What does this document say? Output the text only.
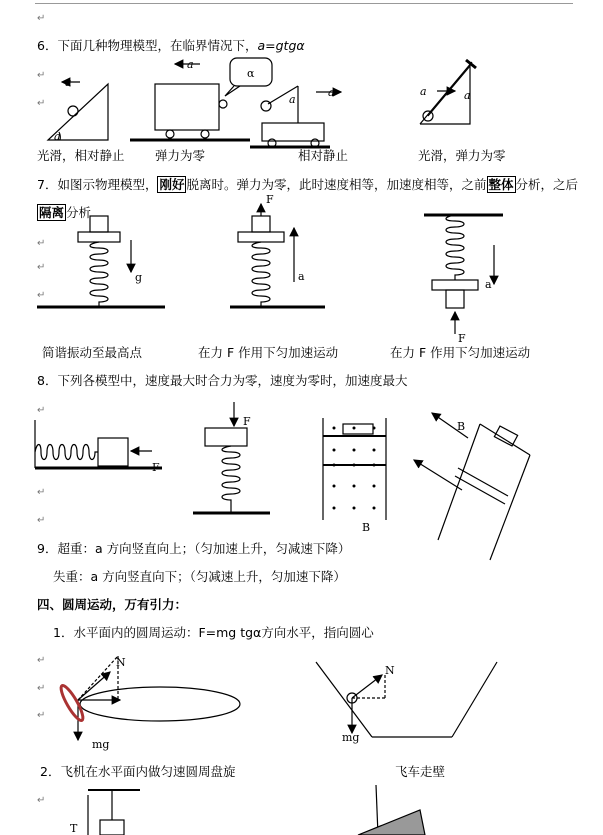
↵
↵
↵
↵
↵
↵
↵
↵
↵
↵
↵
↵
↵
6．下面几种物理模型，在临界情况下，a=gtgα
光滑，相对静止 弹力为零	相对静止	光滑，弹力为零
7．如图示物理模型， 刚好 脱离时。弹力为零，此时速度相等，加速度相等，之前 整体 分析，之后
隔离 分析
简谐振动至最高点	在力 F 作用下匀加速运动	在力 F 作用下匀加速运动
8．下列各模型中，速度最大时合力为零，速度为零时，加速度最大
9．超重：a 方向竖直向上；（匀加速上升，匀减速下降）
失重：a 方向竖直向下；（匀减速上升，匀加速下降）
四、圆周运动，万有引力：
1．水平面内的圆周运动：F=mg tgα方向水平，指向圆心
2．飞机在水平面内做匀速圆周盘旋	飞车走壁
a
a
a
α
a
a	a	a
g
F
a
a
F
F
F
B
B
N
mg
N
mg
T
